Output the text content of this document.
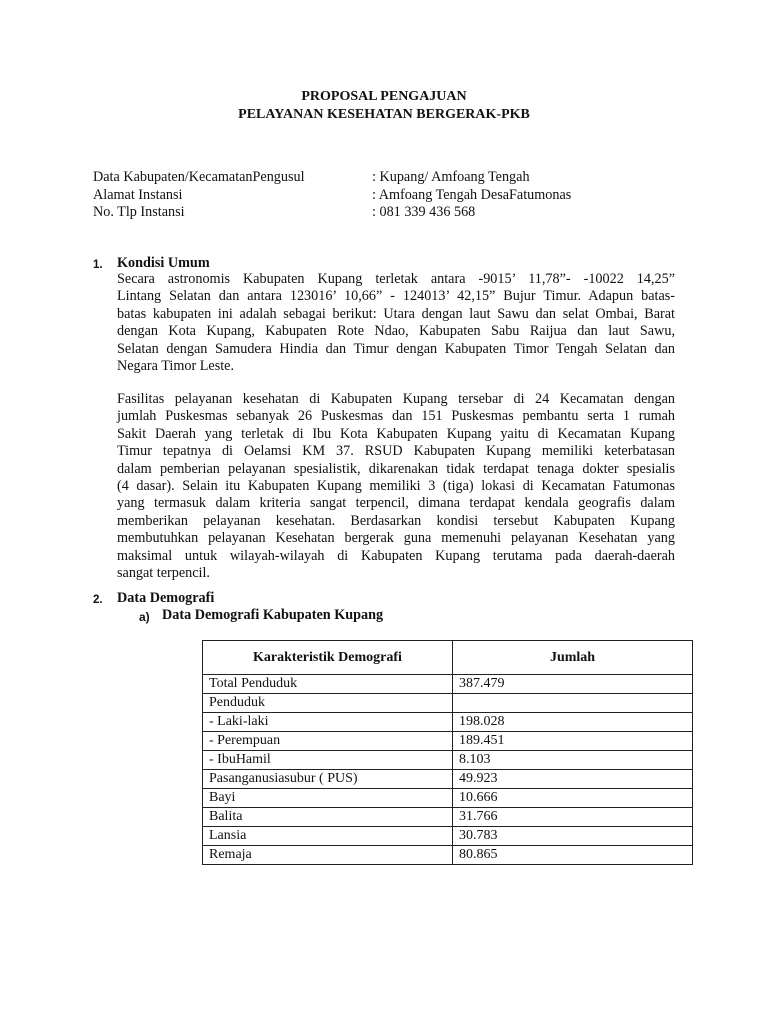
PROPOSAL PENGAJUAN
PELAYANAN KESEHATAN BERGERAK-PKB
Data Kabupaten/KecamatanPengusul	: Kupang/ Amfoang Tengah
Alamat Instansi	: Amfoang Tengah DesaFatumonas
No. Tlp Instansi	: 081 339 436 568
1. Kondisi Umum
Secara astronomis Kabupaten Kupang terletak antara -9015’ 11,78”- -10022 14,25”
Lintang Selatan dan antara 123016’ 10,66” - 124013’ 42,15” Bujur Timur. Adapun batas-
batas kabupaten ini adalah sebagai berikut: Utara dengan laut Sawu dan selat Ombai, Barat
dengan Kota Kupang, Kabupaten Rote Ndao, Kabupaten Sabu Raijua dan laut Sawu,
Selatan dengan Samudera Hindia dan Timur dengan Kabupaten Timor Tengah Selatan dan
Negara Timor Leste.
Fasilitas pelayanan kesehatan di Kabupaten Kupang tersebar di 24 Kecamatan dengan
jumlah Puskesmas sebanyak 26 Puskesmas dan 151 Puskesmas pembantu serta 1 rumah
Sakit Daerah yang terletak di Ibu Kota Kabupaten Kupang yaitu di Kecamatan Kupang
Timur tepatnya di Oelamsi KM 37. RSUD Kabupaten Kupang memiliki keterbatasan
dalam pemberian pelayanan spesialistik, dikarenakan tidak terdapat tenaga dokter spesialis
(4 dasar). Selain itu Kabupaten Kupang memiliki 3 (tiga) lokasi di Kecamatan Fatumonas
yang termasuk dalam kriteria sangat terpencil, dimana terdapat kendala geografis dalam
memberikan pelayanan kesehatan. Berdasarkan kondisi tersebut Kabupaten Kupang
membutuhkan pelayanan Kesehatan bergerak guna memenuhi pelayanan Kesehatan yang
maksimal untuk wilayah-wilayah di Kabupaten Kupang terutama pada daerah-daerah
sangat terpencil.
2. Data Demografi
a) Data Demografi Kabupaten Kupang
Karakteristik Demografi	Jumlah
Total Penduduk	387.479
Penduduk	
- Laki-laki	198.028
- Perempuan	189.451
- IbuHamil	8.103
Pasanganusiasubur ( PUS)	49.923
Bayi	10.666
Balita	31.766
Lansia	30.783
Remaja	80.865
